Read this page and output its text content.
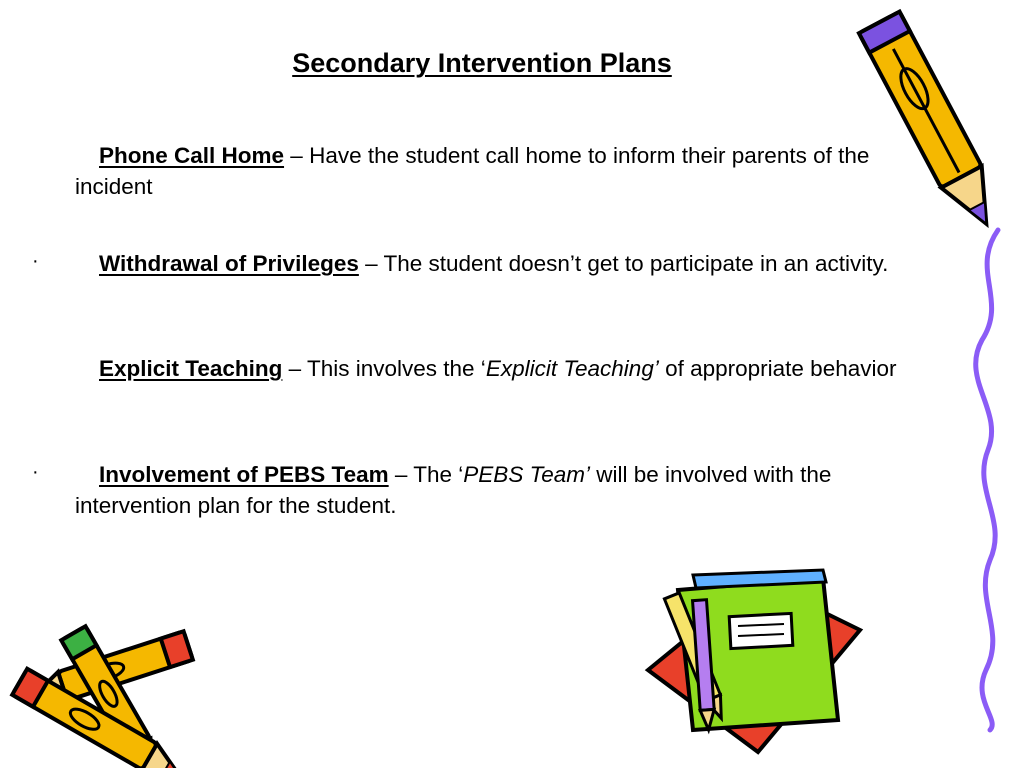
Secondary Intervention Plans
Phone Call Home – Have the student call home to inform their parents of the incident
·	Withdrawal of Privileges – The student doesn’t get to participate in an activity.
Explicit Teaching – This involves the ‘Explicit Teaching’ of appropriate behavior
·	Involvement of PEBS Team – The ‘PEBS Team’ will be involved with the intervention plan for the student.
